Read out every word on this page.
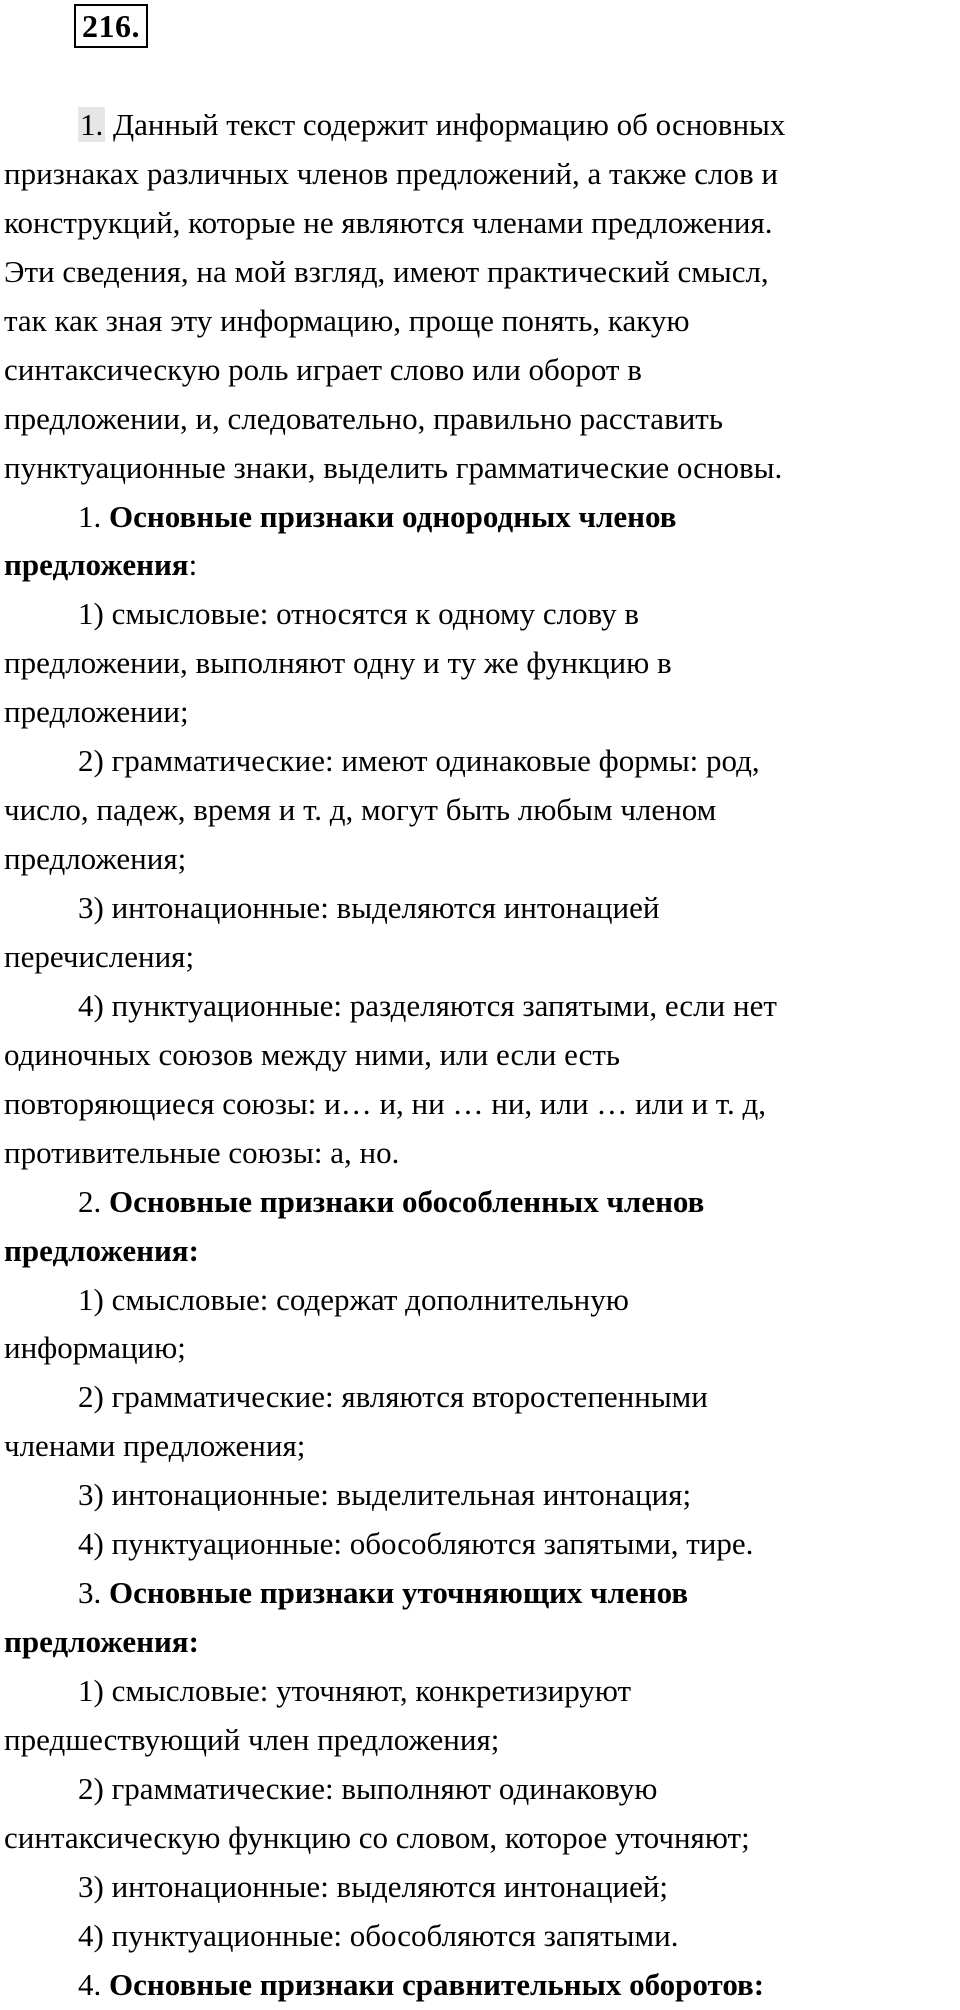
216.
1. Данный текст содержит информацию об основных
признаках различных членов предложений, а также слов и
конструкций, которые не являются членами предложения.
Эти сведения, на мой взгляд, имеют практический смысл,
так как зная эту информацию, проще понять, какую
синтаксическую роль играет слово или оборот в
предложении, и, следовательно, правильно расставить
пунктуационные знаки, выделить грамматические основы.
1. Основные признаки однородных членов
предложения:
1) смысловые: относятся к одному слову в
предложении, выполняют одну и ту же функцию в
предложении;
2) грамматические: имеют одинаковые формы: род,
число, падеж, время и т. д, могут быть любым членом
предложения;
3) интонационные: выделяются интонацией
перечисления;
4) пунктуационные: разделяются запятыми, если нет
одиночных союзов между ними, или если есть
повторяющиеся союзы: и… и, ни … ни, или … или и т. д,
противительные союзы: а, но.
2. Основные признаки обособленных членов
предложения:
1) смысловые: содержат дополнительную
информацию;
2) грамматические: являются второстепенными
членами предложения;
3) интонационные: выделительная интонация;
4) пунктуационные: обособляются запятыми, тире.
3. Основные признаки уточняющих членов
предложения:
1) смысловые: уточняют, конкретизируют
предшествующий член предложения;
2) грамматические: выполняют одинаковую
синтаксическую функцию со словом, которое уточняют;
3) интонационные: выделяются интонацией;
4) пунктуационные: обособляются запятыми.
4. Основные признаки сравнительных оборотов:
